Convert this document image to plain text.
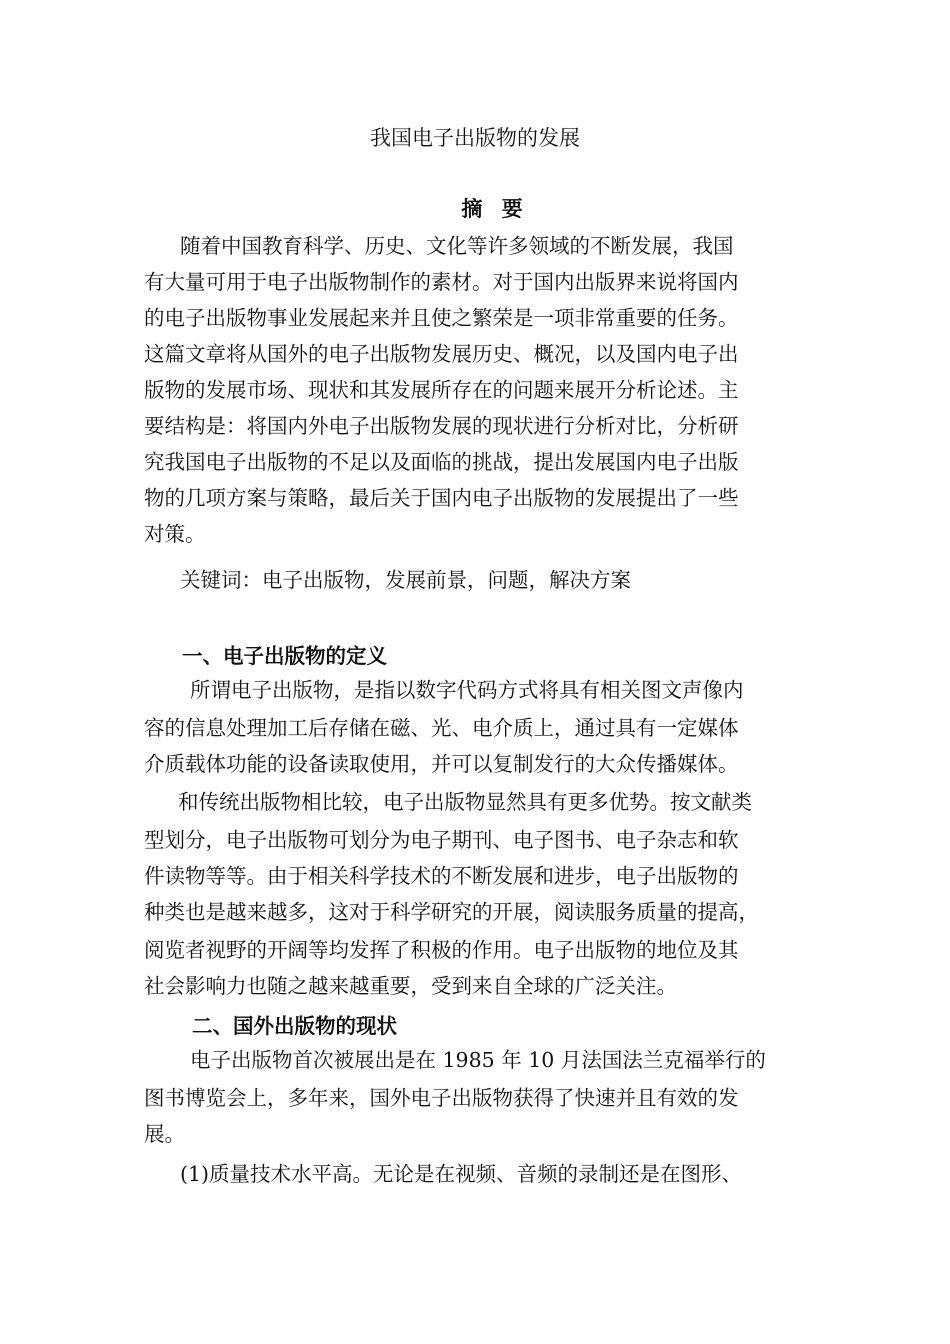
我国电子出版物的发展
摘 要
随着中国教育科学、历史、文化等许多领域的不断发展，我国
有大量可用于电子出版物制作的素材。对于国内出版界来说将国内
的电子出版物事业发展起来并且使之繁荣是一项非常重要的任务。
这篇文章将从国外的电子出版物发展历史、概况，以及国内电子出
版物的发展市场、现状和其发展所存在的问题来展开分析论述。主
要结构是：将国内外电子出版物发展的现状进行分析对比，分析研
究我国电子出版物的不足以及面临的挑战，提出发展国内电子出版
物的几项方案与策略，最后关于国内电子出版物的发展提出了一些
对策。
关键词：电子出版物，发展前景，问题，解决方案
一、电子出版物的定义
所谓电子出版物，是指以数字代码方式将具有相关图文声像内
容的信息处理加工后存储在磁、光、电介质上，通过具有一定媒体
介质载体功能的设备读取使用，并可以复制发行的大众传播媒体。
和传统出版物相比较，电子出版物显然具有更多优势。按文献类
型划分，电子出版物可划分为电子期刊、电子图书、电子杂志和软
件读物等等。由于相关科学技术的不断发展和进步，电子出版物的
种类也是越来越多，这对于科学研究的开展，阅读服务质量的提高，
阅览者视野的开阔等均发挥了积极的作用。电子出版物的地位及其
社会影响力也随之越来越重要，受到来自全球的广泛关注。
二、国外出版物的现状
电子出版物首次被展出是在 1985 年 10 月法国法兰克福举行的
图书博览会上，多年来，国外电子出版物获得了快速并且有效的发
展。
(1)质量技术水平高。无论是在视频、音频的录制还是在图形、
